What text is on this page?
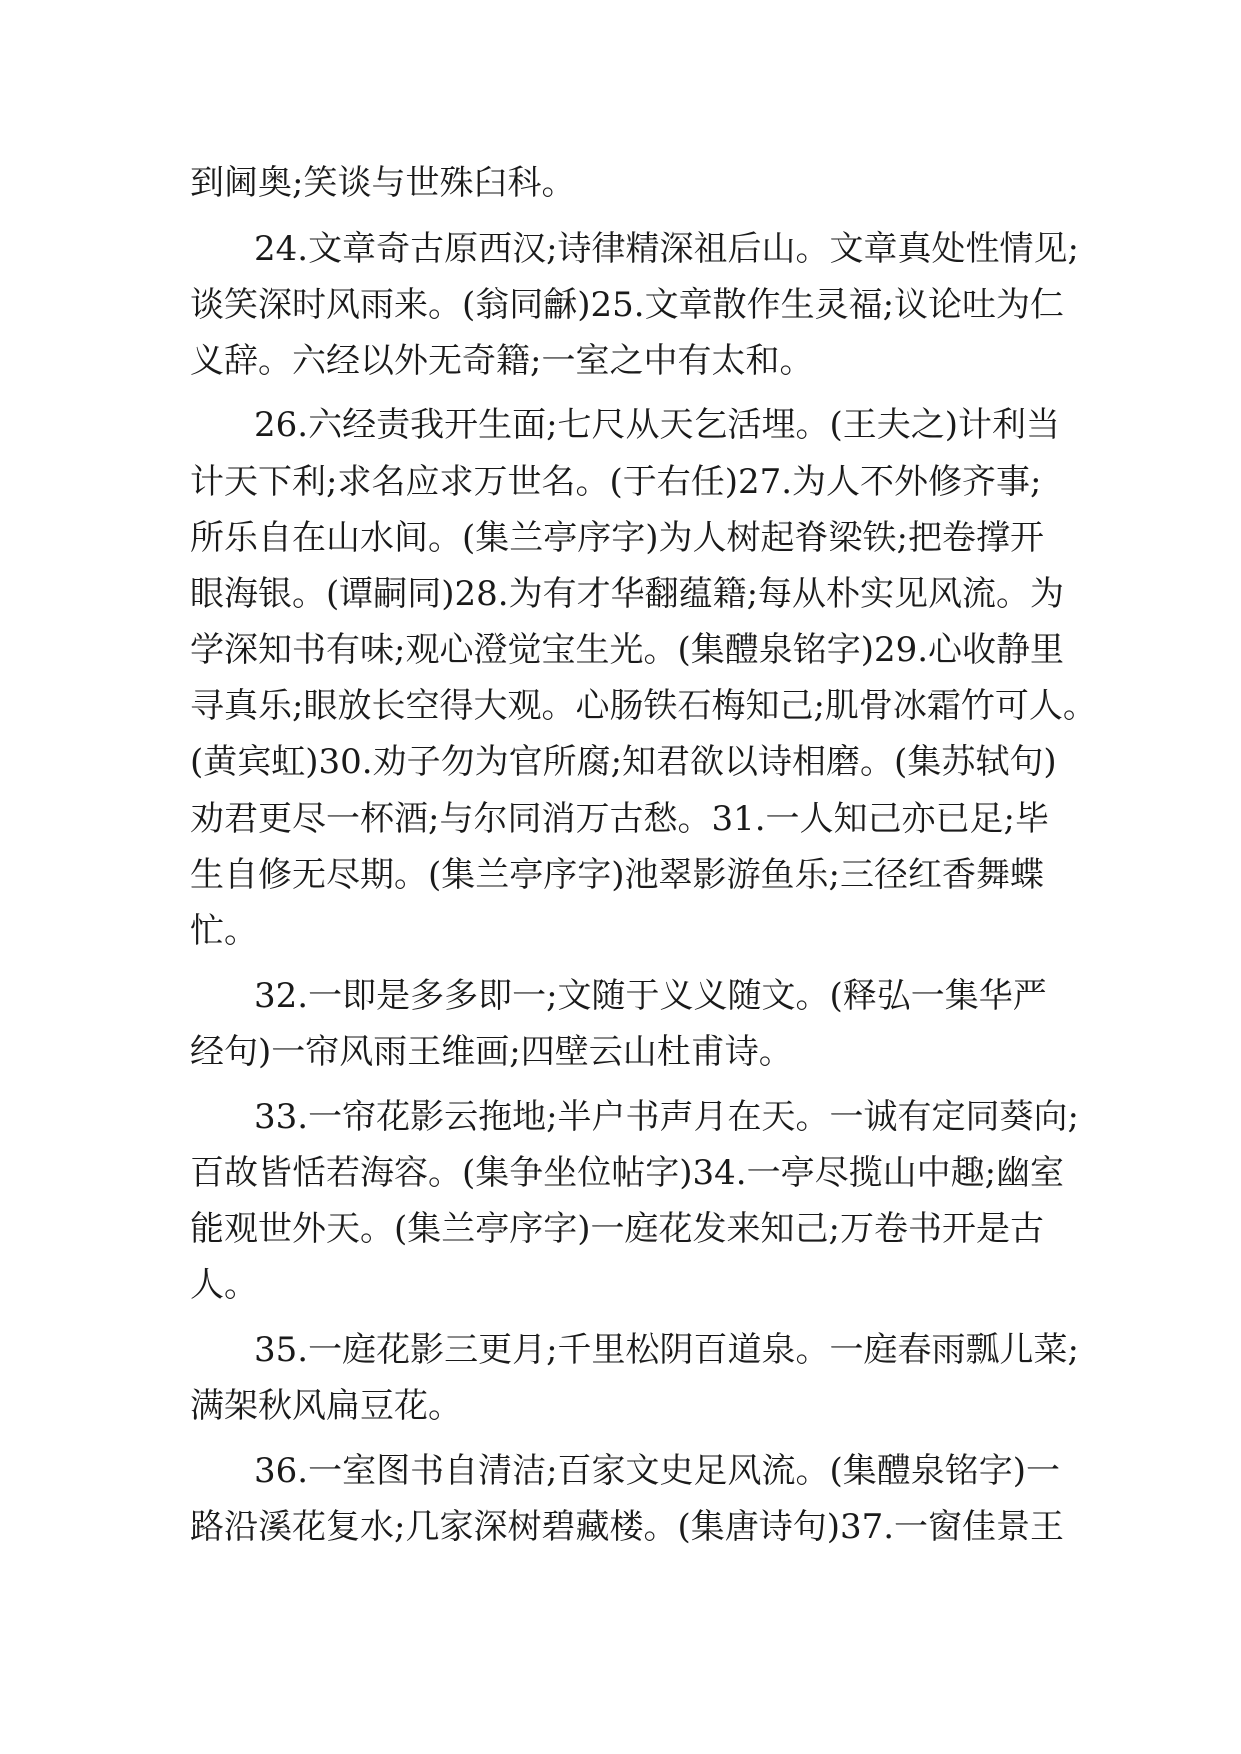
到阃奥;笑谈与世殊臼科。
24.文章奇古原西汉;诗律精深祖后山。文章真处性情见;
谈笑深时风雨来。(翁同龢)25.文章散作生灵福;议论吐为仁
义辞。六经以外无奇籍;一室之中有太和。
26.六经责我开生面;七尺从天乞活埋。(王夫之)计利当
计天下利;求名应求万世名。(于右任)27.为人不外修齐事;
所乐自在山水间。(集兰亭序字)为人树起脊梁铁;把卷撑开
眼海银。(谭嗣同)28.为有才华翻蕴籍;每从朴实见风流。为
学深知书有味;观心澄觉宝生光。(集醴泉铭字)29.心收静里
寻真乐;眼放长空得大观。心肠铁石梅知己;肌骨冰霜竹可人。
(黄宾虹)30.劝子勿为官所腐;知君欲以诗相磨。(集苏轼句)
劝君更尽一杯酒;与尔同消万古愁。31.一人知己亦已足;毕
生自修无尽期。(集兰亭序字)池翠影游鱼乐;三径红香舞蝶
忙。
32.一即是多多即一;文随于义义随文。(释弘一集华严
经句)一帘风雨王维画;四壁云山杜甫诗。
33.一帘花影云拖地;半户书声月在天。一诚有定同葵向;
百故皆恬若海容。(集争坐位帖字)34.一亭尽揽山中趣;幽室
能观世外天。(集兰亭序字)一庭花发来知己;万卷书开是古
人。
35.一庭花影三更月;千里松阴百道泉。一庭春雨瓢儿菜;
满架秋风扁豆花。
36.一室图书自清洁;百家文史足风流。(集醴泉铭字)一
路沿溪花复水;几家深树碧藏楼。(集唐诗句)37.一窗佳景王
